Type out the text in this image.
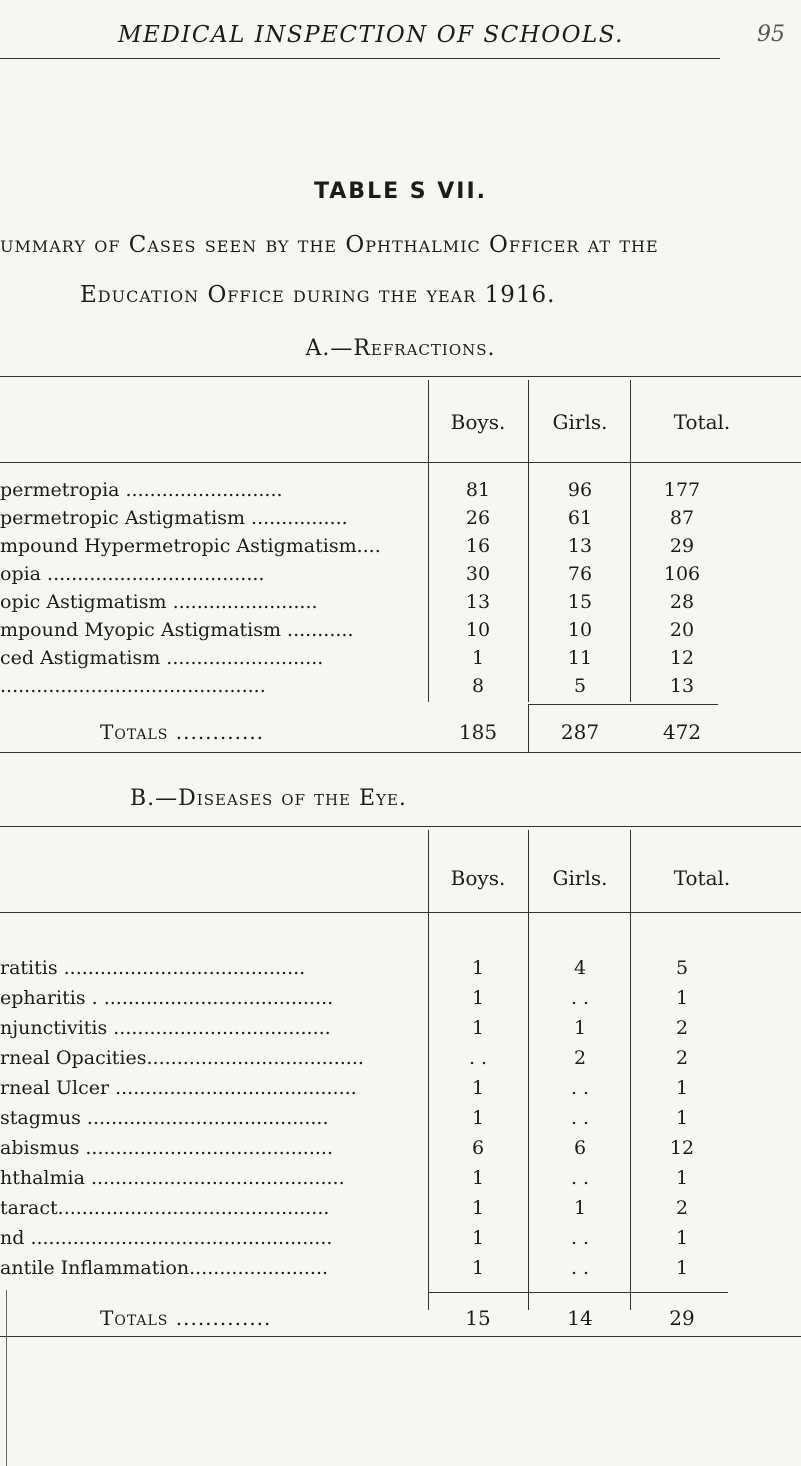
MEDICAL INSPECTION OF SCHOOLS.	95
TABLE S VII.
ummary of Cases seen by the Ophthalmic Officer at the
Education Office during the year 1916.
A.—Refractions.
Boys.	Girls.	Total.
permetropia ..........................	81	96	177
permetropic Astigmatism ................	26	61	87
mpound Hypermetropic Astigmatism....	16	13	29
opia ....................................	30	76	106
opic Astigmatism ........................	13	15	28
mpound Myopic Astigmatism ...........	10	10	20
ced Astigmatism ..........................	1	11	12
............................................	8	5	13
Totals ............	185	287	472
B.—Diseases of the Eye.
Boys.	Girls.	Total.
ratitis ........................................	1	4	5
epharitis . ......................................	1	. .	1
njunctivitis ....................................	1	1	2
rneal Opacities....................................	. .	2	2
rneal Ulcer ........................................	1	. .	1
stagmus ........................................	1	. .	1
abismus .........................................	6	6	12
hthalmia ..........................................	1	. .	1
taract.............................................	1	1	2
nd ..................................................	1	. .	1
antile Inflammation.......................	1	. .	1
Totals .............	15	14	29
